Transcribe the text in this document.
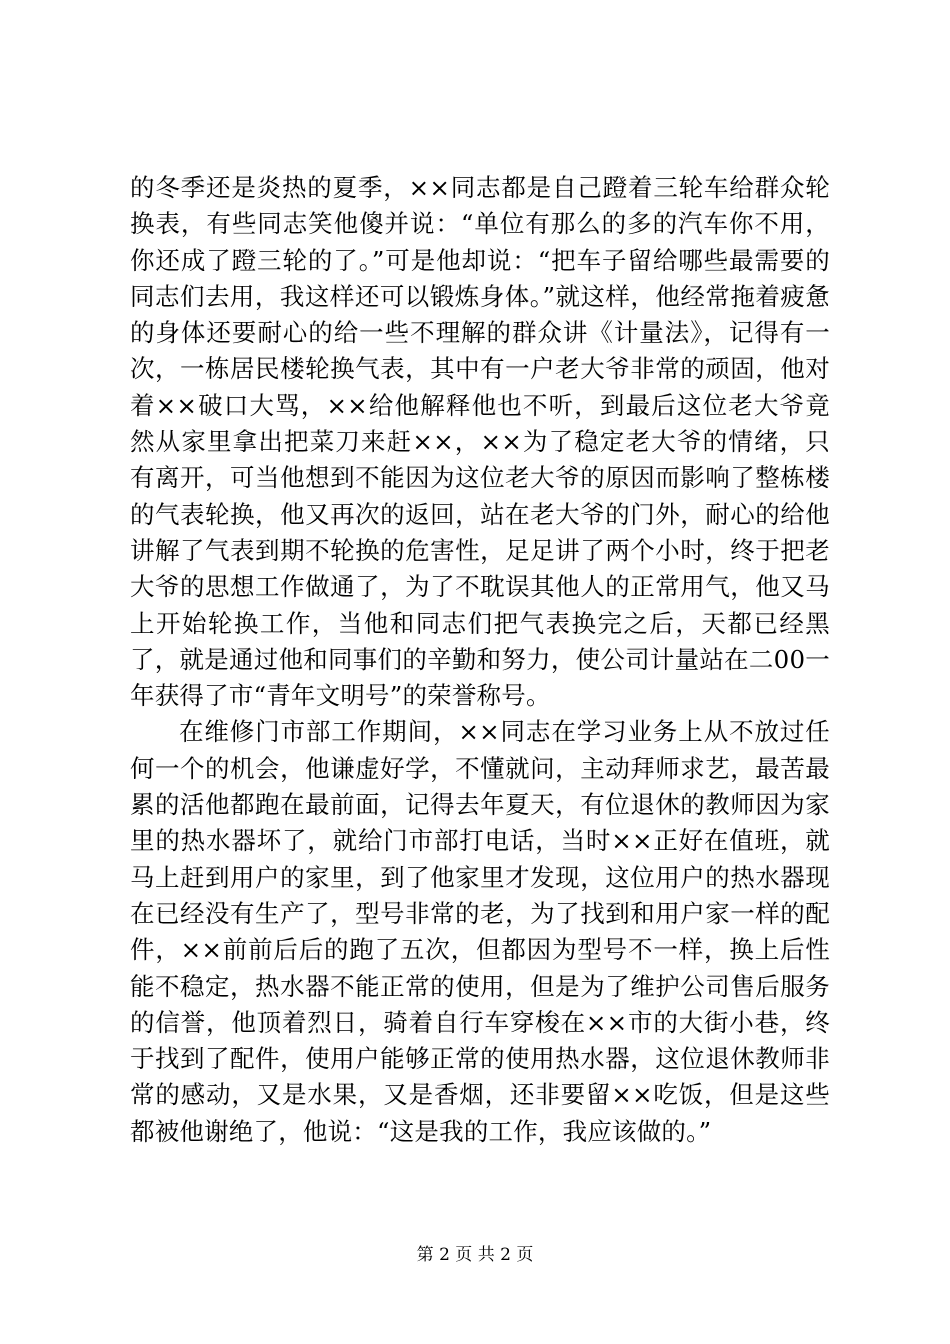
的冬季还是炎热的夏季，××同志都是自己蹬着三轮车给群众轮换表，有些同志笑他傻并说：“单位有那么的多的汽车你不用，你还成了蹬三轮的了。”可是他却说：“把车子留给哪些最需要的同志们去用，我这样还可以锻炼身体。”就这样，他经常拖着疲惫的身体还要耐心的给一些不理解的群众讲《计量法》，记得有一次，一栋居民楼轮换气表，其中有一户老大爷非常的顽固，他对着××破口大骂，××给他解释他也不听，到最后这位老大爷竟然从家里拿出把菜刀来赶××，××为了稳定老大爷的情绪，只有离开，可当他想到不能因为这位老大爷的原因而影响了整栋楼的气表轮换，他又再次的返回，站在老大爷的门外，耐心的给他讲解了气表到期不轮换的危害性，足足讲了两个小时，终于把老大爷的思想工作做通了，为了不耽误其他人的正常用气，他又马上开始轮换工作，当他和同志们把气表换完之后，天都已经黑了，就是通过他和同事们的辛勤和努力，使公司计量站在二00一年获得了市“青年文明号”的荣誉称号。

在维修门市部工作期间，××同志在学习业务上从不放过任何一个的机会，他谦虚好学，不懂就问，主动拜师求艺，最苦最累的活他都跑在最前面，记得去年夏天，有位退休的教师因为家里的热水器坏了，就给门市部打电话，当时××正好在值班，就马上赶到用户的家里，到了他家里才发现，这位用户的热水器现在已经没有生产了，型号非常的老，为了找到和用户家一样的配件，××前前后后的跑了五次，但都因为型号不一样，换上后性能不稳定，热水器不能正常的使用，但是为了维护公司售后服务的信誉，他顶着烈日，骑着自行车穿梭在××市的大街小巷，终于找到了配件，使用户能够正常的使用热水器，这位退休教师非常的感动，又是水果，又是香烟，还非要留××吃饭，但是这些都被他谢绝了，他说：“这是我的工作，我应该做的。”

第 2 页 共 2 页
